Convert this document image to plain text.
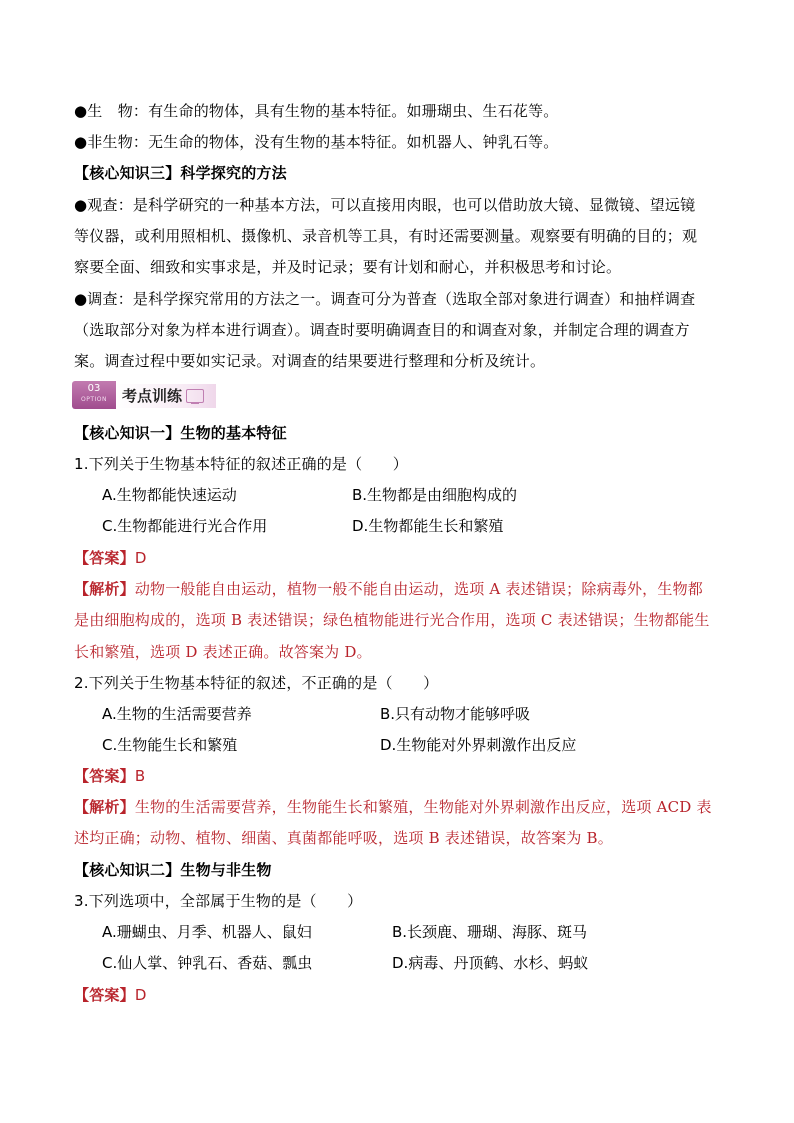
●生　物：有生命的物体，具有生物的基本特征。如珊瑚虫、生石花等。
●非生物：无生命的物体，没有生物的基本特征。如机器人、钟乳石等。
【核心知识三】科学探究的方法
●观查：是科学研究的一种基本方法，可以直接用肉眼，也可以借助放大镜、显微镜、望远镜
等仪器，或利用照相机、摄像机、录音机等工具，有时还需要测量。观察要有明确的目的；观
察要全面、细致和实事求是，并及时记录；要有计划和耐心，并积极思考和讨论。
●调查：是科学探究常用的方法之一。调查可分为普查（选取全部对象进行调查）和抽样调查
（选取部分对象为样本进行调查）。调查时要明确调查目的和调查对象，并制定合理的调查方
案。调查过程中要如实记录。对调查的结果要进行整理和分析及统计。
03
OPTION	考点训练
【核心知识一】生物的基本特征
1.下列关于生物基本特征的叙述正确的是（　　）
A.生物都能快速运动	B.生物都是由细胞构成的
C.生物都能进行光合作用	D.生物都能生长和繁殖
【答案】D
【解析】动物一般能自由运动，植物一般不能自由运动，选项 A 表述错误；除病毒外，生物都
是由细胞构成的，选项 B 表述错误；绿色植物能进行光合作用，选项 C 表述错误；生物都能生
长和繁殖，选项 D 表述正确。故答案为 D。
2.下列关于生物基本特征的叙述，不正确的是（　　）
A.生物的生活需要营养	B.只有动物才能够呼吸
C.生物能生长和繁殖	D.生物能对外界刺激作出反应
【答案】B
【解析】生物的生活需要营养，生物能生长和繁殖，生物能对外界刺激作出反应，选项 ACD 表
述均正确；动物、植物、细菌、真菌都能呼吸，选项 B 表述错误，故答案为 B。
【核心知识二】生物与非生物
3.下列选项中，全部属于生物的是（　　）
A.珊蝴虫、月季、机器人、鼠妇	B.长颈鹿、珊瑚、海豚、斑马
C.仙人掌、钟乳石、香菇、瓢虫	D.病毒、丹顶鹤、水杉、蚂蚁
【答案】D
